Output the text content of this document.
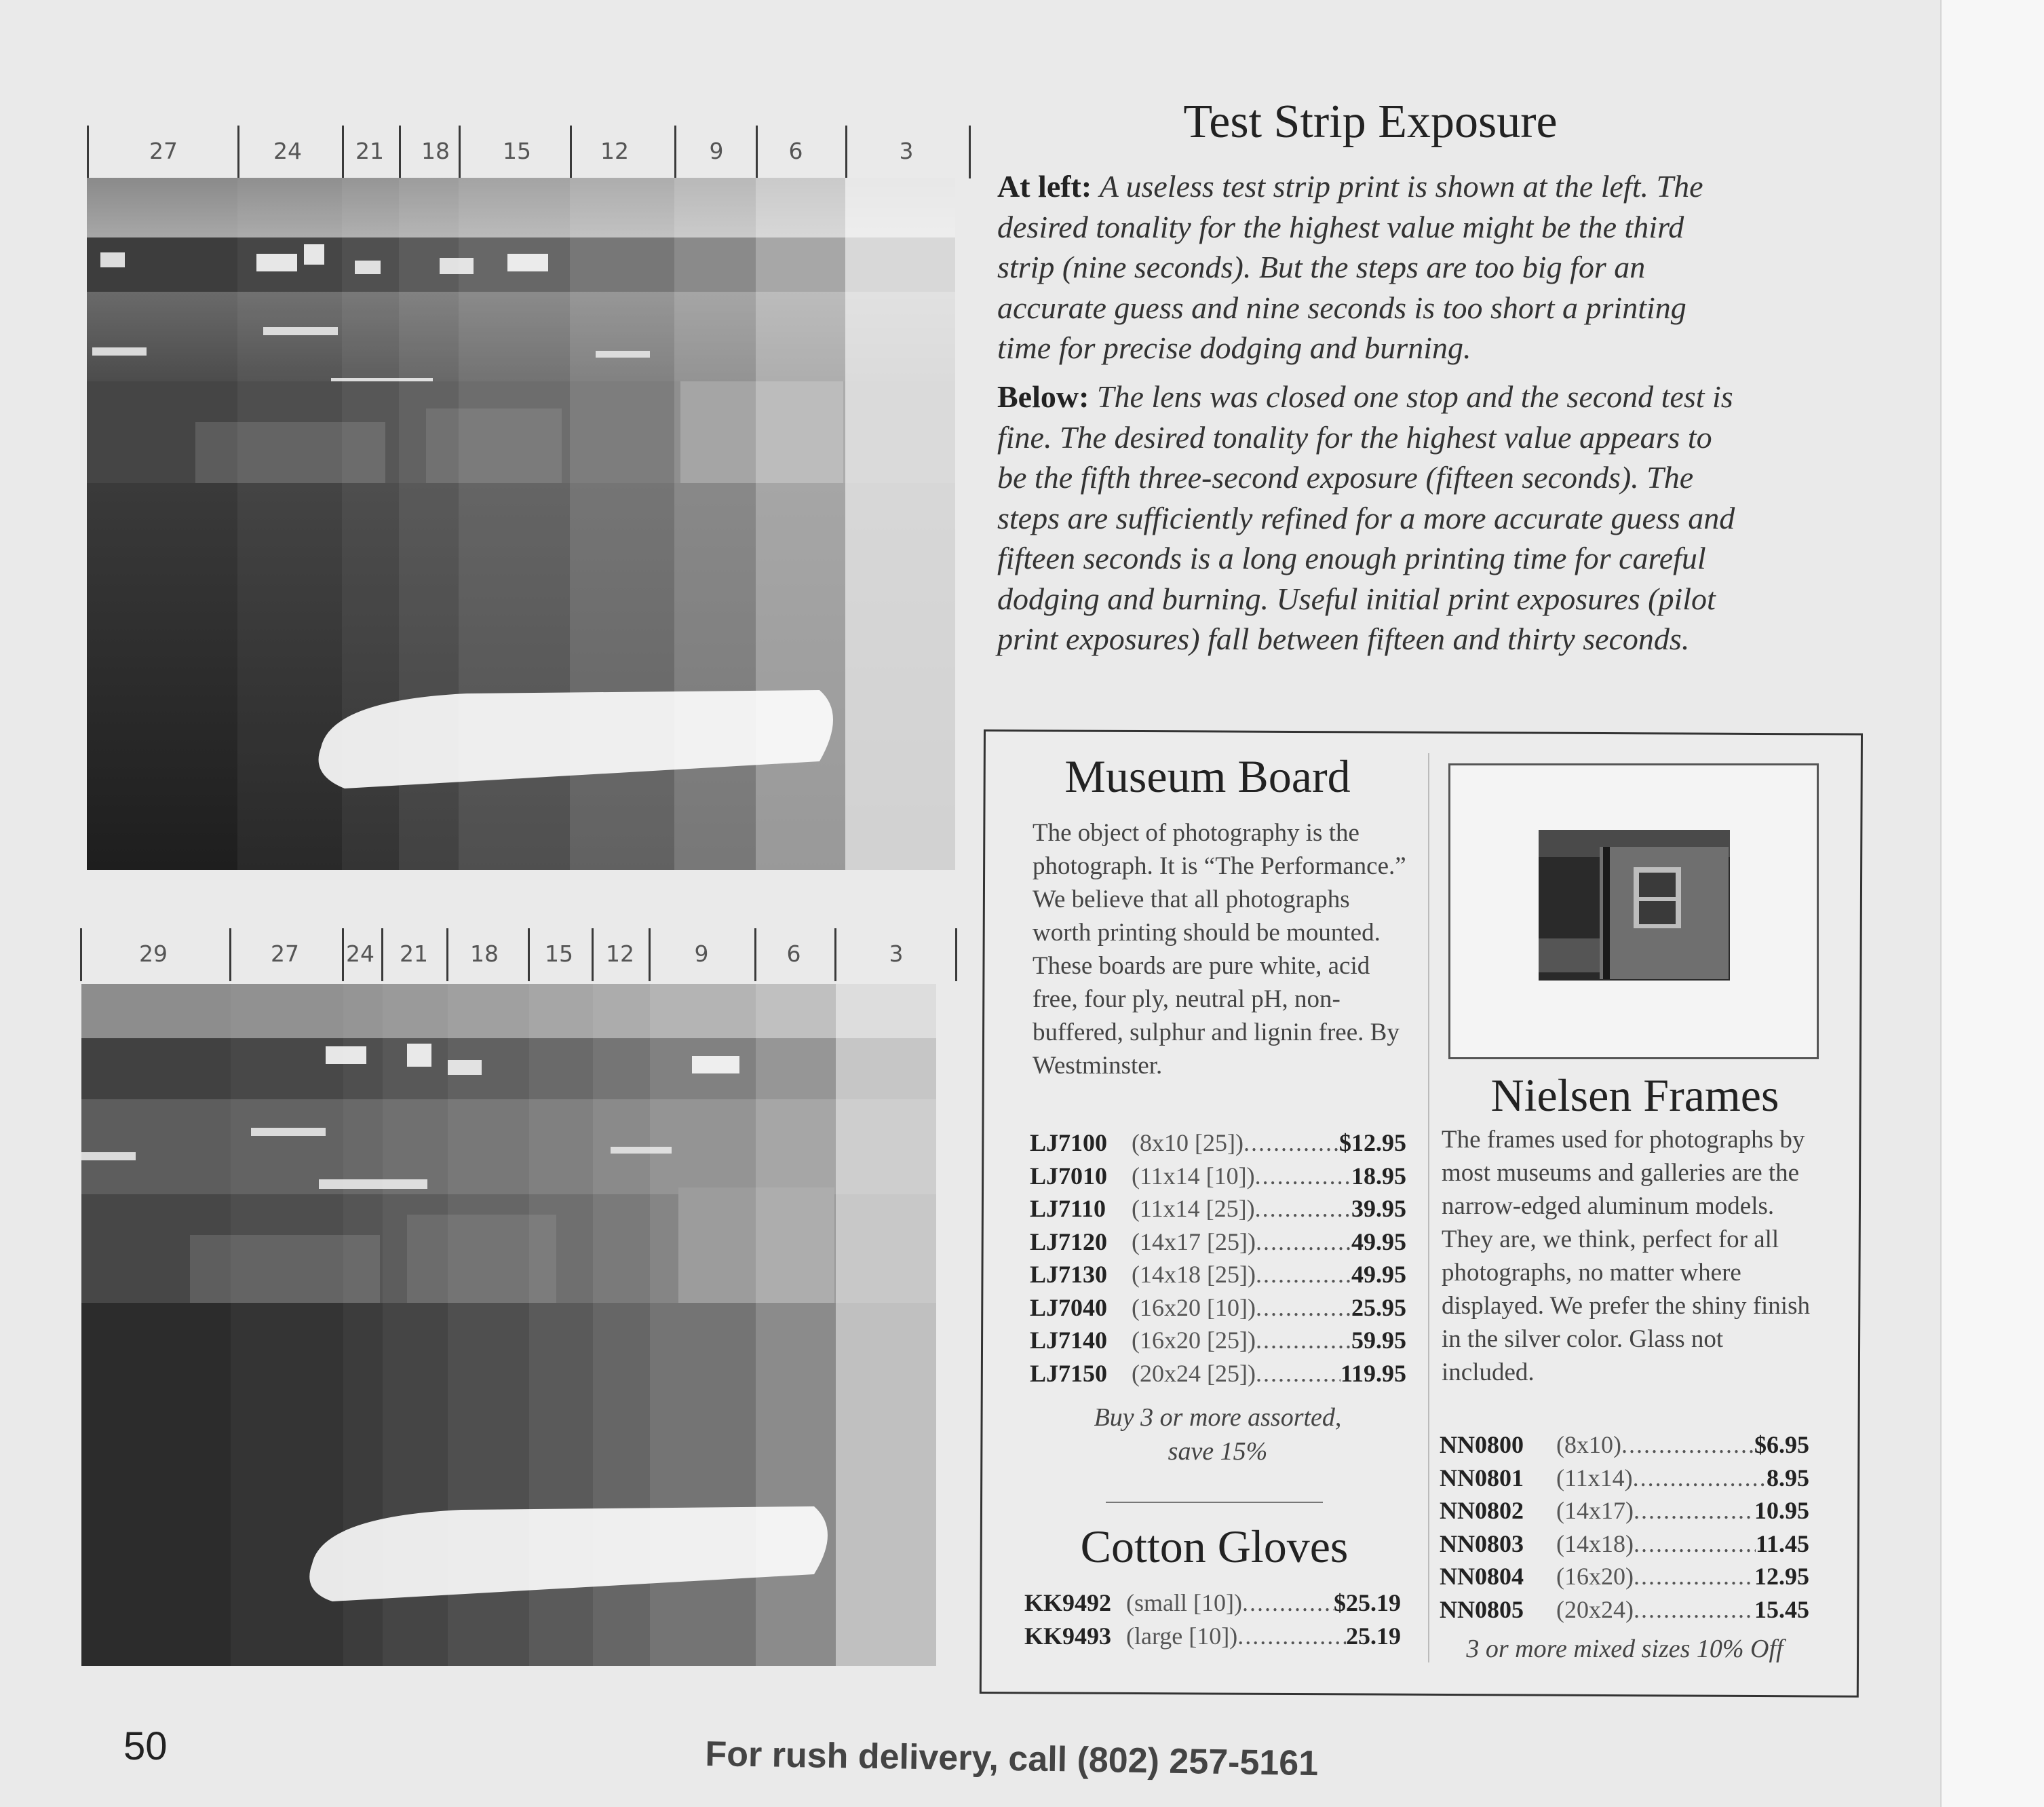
27	24 21 18 15	12	9	6	3
29	27 24 21 18 15 12	9	6	3
Test Strip Exposure
At left: A useless test strip print is shown at the left. The desired tonality for the highest value might be the third strip (nine seconds). But the steps are too big for an accurate guess and nine seconds is too short a printing time for precise dodging and burning.
Below: The lens was closed one stop and the second test is fine. The desired tonality for the highest value appears to be the fifth three-second exposure (fifteen seconds). The steps are sufficiently refined for a more accurate guess and fifteen seconds is a long enough printing time for careful dodging and burning. Useful initial print exposures (pilot print exposures) fall between fifteen and thirty seconds.
Museum Board
The object of photography is the photograph. It is “The Performance.” We believe that all photographs worth printing should be mounted. These boards are pure white, acid free, four ply, neutral pH, non-buffered, sulphur and lignin free. By Westminster.
LJ7100 (8x10 [25]) .....	$12.95
LJ7010 (11x14 [10]) .....	18.95
LJ7110	(11x14 [25]) .....	39.95
LJ7120 (14x17 [25]) .....	49.95
LJ7130 (14x18 [25]) .....	49.95
LJ7040 (16x20 [10]) .....	25.95
LJ7140 (16x20 [25]) .....	59.95
LJ7150 (20x24 [25]) .....	119.95
Buy 3 or more assorted,
save 15%
Cotton Gloves
KK9492 (small [10]) .....	$25.19
KK9493 (large [10]) .....	25.19
Nielsen Frames
The frames used for photographs by most museums and galleries are the narrow-edged aluminum models. They are, we think, perfect for all photographs, no matter where displayed. We prefer the shiny finish in the silver color. Glass not included.
NN0800	(8x10) .....	$6.95
NN0801	(11x14) .....	8.95
NN0802	(14x17) .....	10.95
NN0803	(14x18) .....	11.45
NN0804	(16x20) .....	12.95
NN0805	(20x24) .....	15.45
3 or more mixed sizes 10% Off
50	For rush delivery, call (802) 257-5161
